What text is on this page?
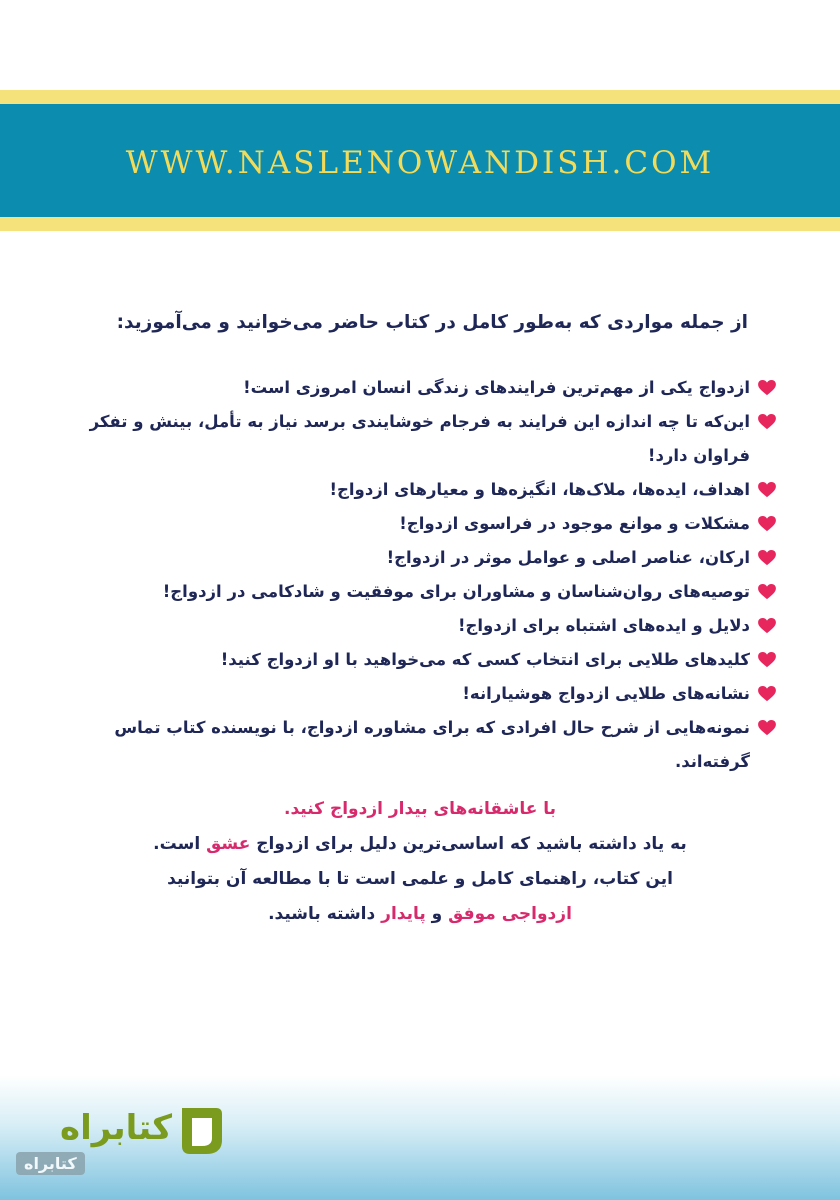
WWW.NASLENOWANDISH.COM

از جمله مواردی که به‌طور کامل در کتاب حاضر می‌خوانید و می‌آموزید:

ازدواج یکی از مهم‌ترین فرایندهای زندگی انسان امروزی است!
این‌که تا چه اندازه این فرایند به فرجام خوشایندی برسد نیاز به تأمل، بینش و تفکر فراوان دارد!
اهداف، ایده‌ها، ملاک‌ها، انگیزه‌ها و معیارهای ازدواج!
مشکلات و موانع موجود در فراسوی ازدواج!
ارکان، عناصر اصلی و عوامل موثر در ازدواج!
توصیه‌های روان‌شناسان و مشاوران برای موفقیت و شادکامی در ازدواج!
دلایل و ایده‌های اشتباه برای ازدواج!
کلیدهای طلایی برای انتخاب کسی که می‌خواهید با او ازدواج کنید!
نشانه‌های طلایی ازدواج هوشیارانه!
نمونه‌هایی از شرح حال افرادی که برای مشاوره ازدواج، با نویسنده کتاب تماس گرفته‌اند.
با عاشقانه‌های بیدار ازدواج کنید.
به یاد داشته باشید که اساسی‌ترین دلیل برای ازدواج عشق است.
این کتاب، راهنمای کامل و علمی است تا با مطالعه آن بتوانید
ازدواجی موفق و پایدار داشته باشید.
کتابراه
کتابراه
